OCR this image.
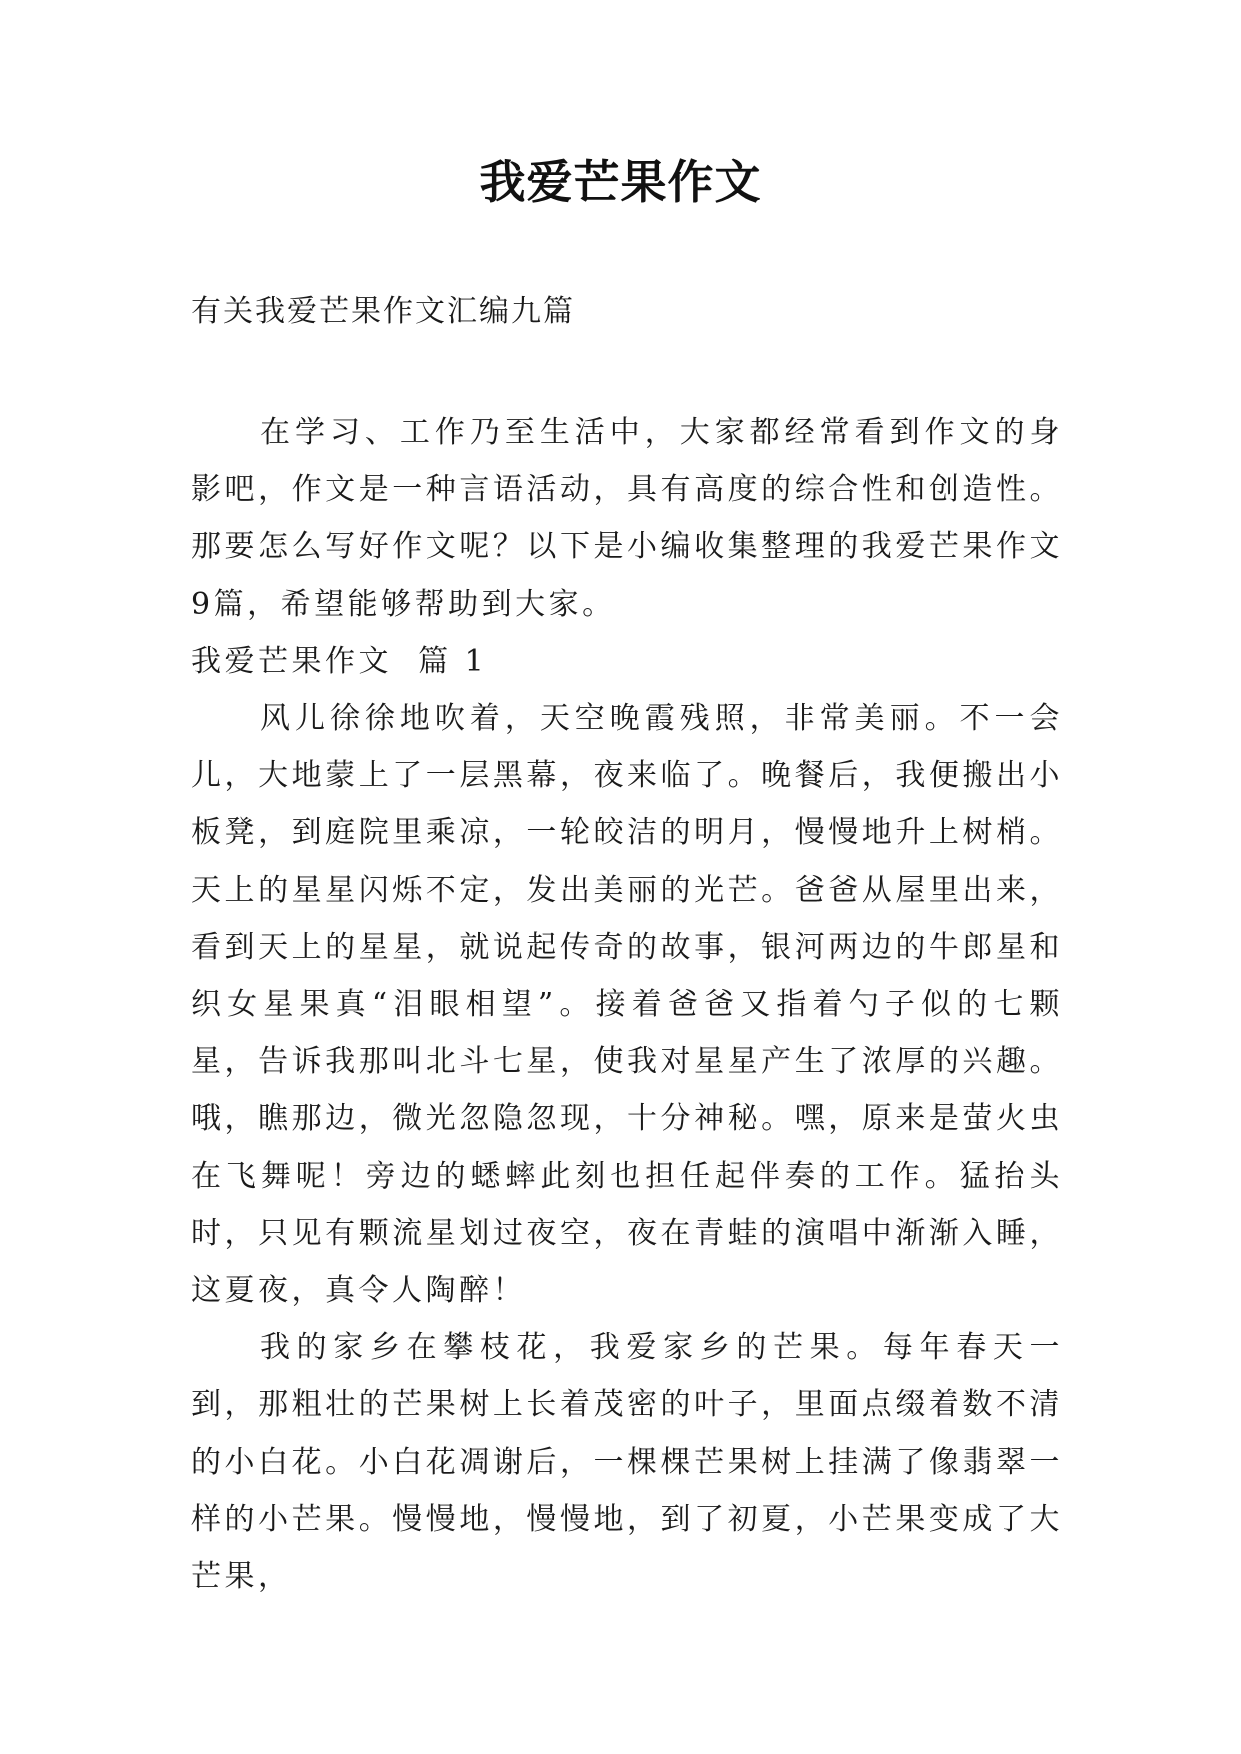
我爱芒果作文
有关我爱芒果作文汇编九篇

在学习、工作乃至生活中，大家都经常看到作文的身影吧，作文是一种言语活动，具有高度的综合性和创造性。那要怎么写好作文呢？以下是小编收集整理的我爱芒果作文9篇，希望能够帮助到大家。

我爱芒果作文  篇 1

风儿徐徐地吹着，天空晚霞残照，非常美丽。不一会儿，大地蒙上了一层黑幕，夜来临了。晚餐后，我便搬出小板凳，到庭院里乘凉，一轮皎洁的明月，慢慢地升上树梢。天上的星星闪烁不定，发出美丽的光芒。爸爸从屋里出来，看到天上的星星，就说起传奇的故事，银河两边的牛郎星和织女星果真“泪眼相望”。接着爸爸又指着勺子似的七颗星，告诉我那叫北斗七星，使我对星星产生了浓厚的兴趣。哦，瞧那边，微光忽隐忽现，十分神秘。嘿，原来是萤火虫在飞舞呢！旁边的蟋蟀此刻也担任起伴奏的工作。猛抬头时，只见有颗流星划过夜空，夜在青蛙的演唱中渐渐入睡，这夏夜，真令人陶醉！

我的家乡在攀枝花，我爱家乡的芒果。每年春天一到，那粗壮的芒果树上长着茂密的叶子，里面点缀着数不清的小白花。小白花凋谢后，一棵棵芒果树上挂满了像翡翠一样的小芒果。慢慢地，慢慢地，到了初夏，小芒果变成了大芒果，
